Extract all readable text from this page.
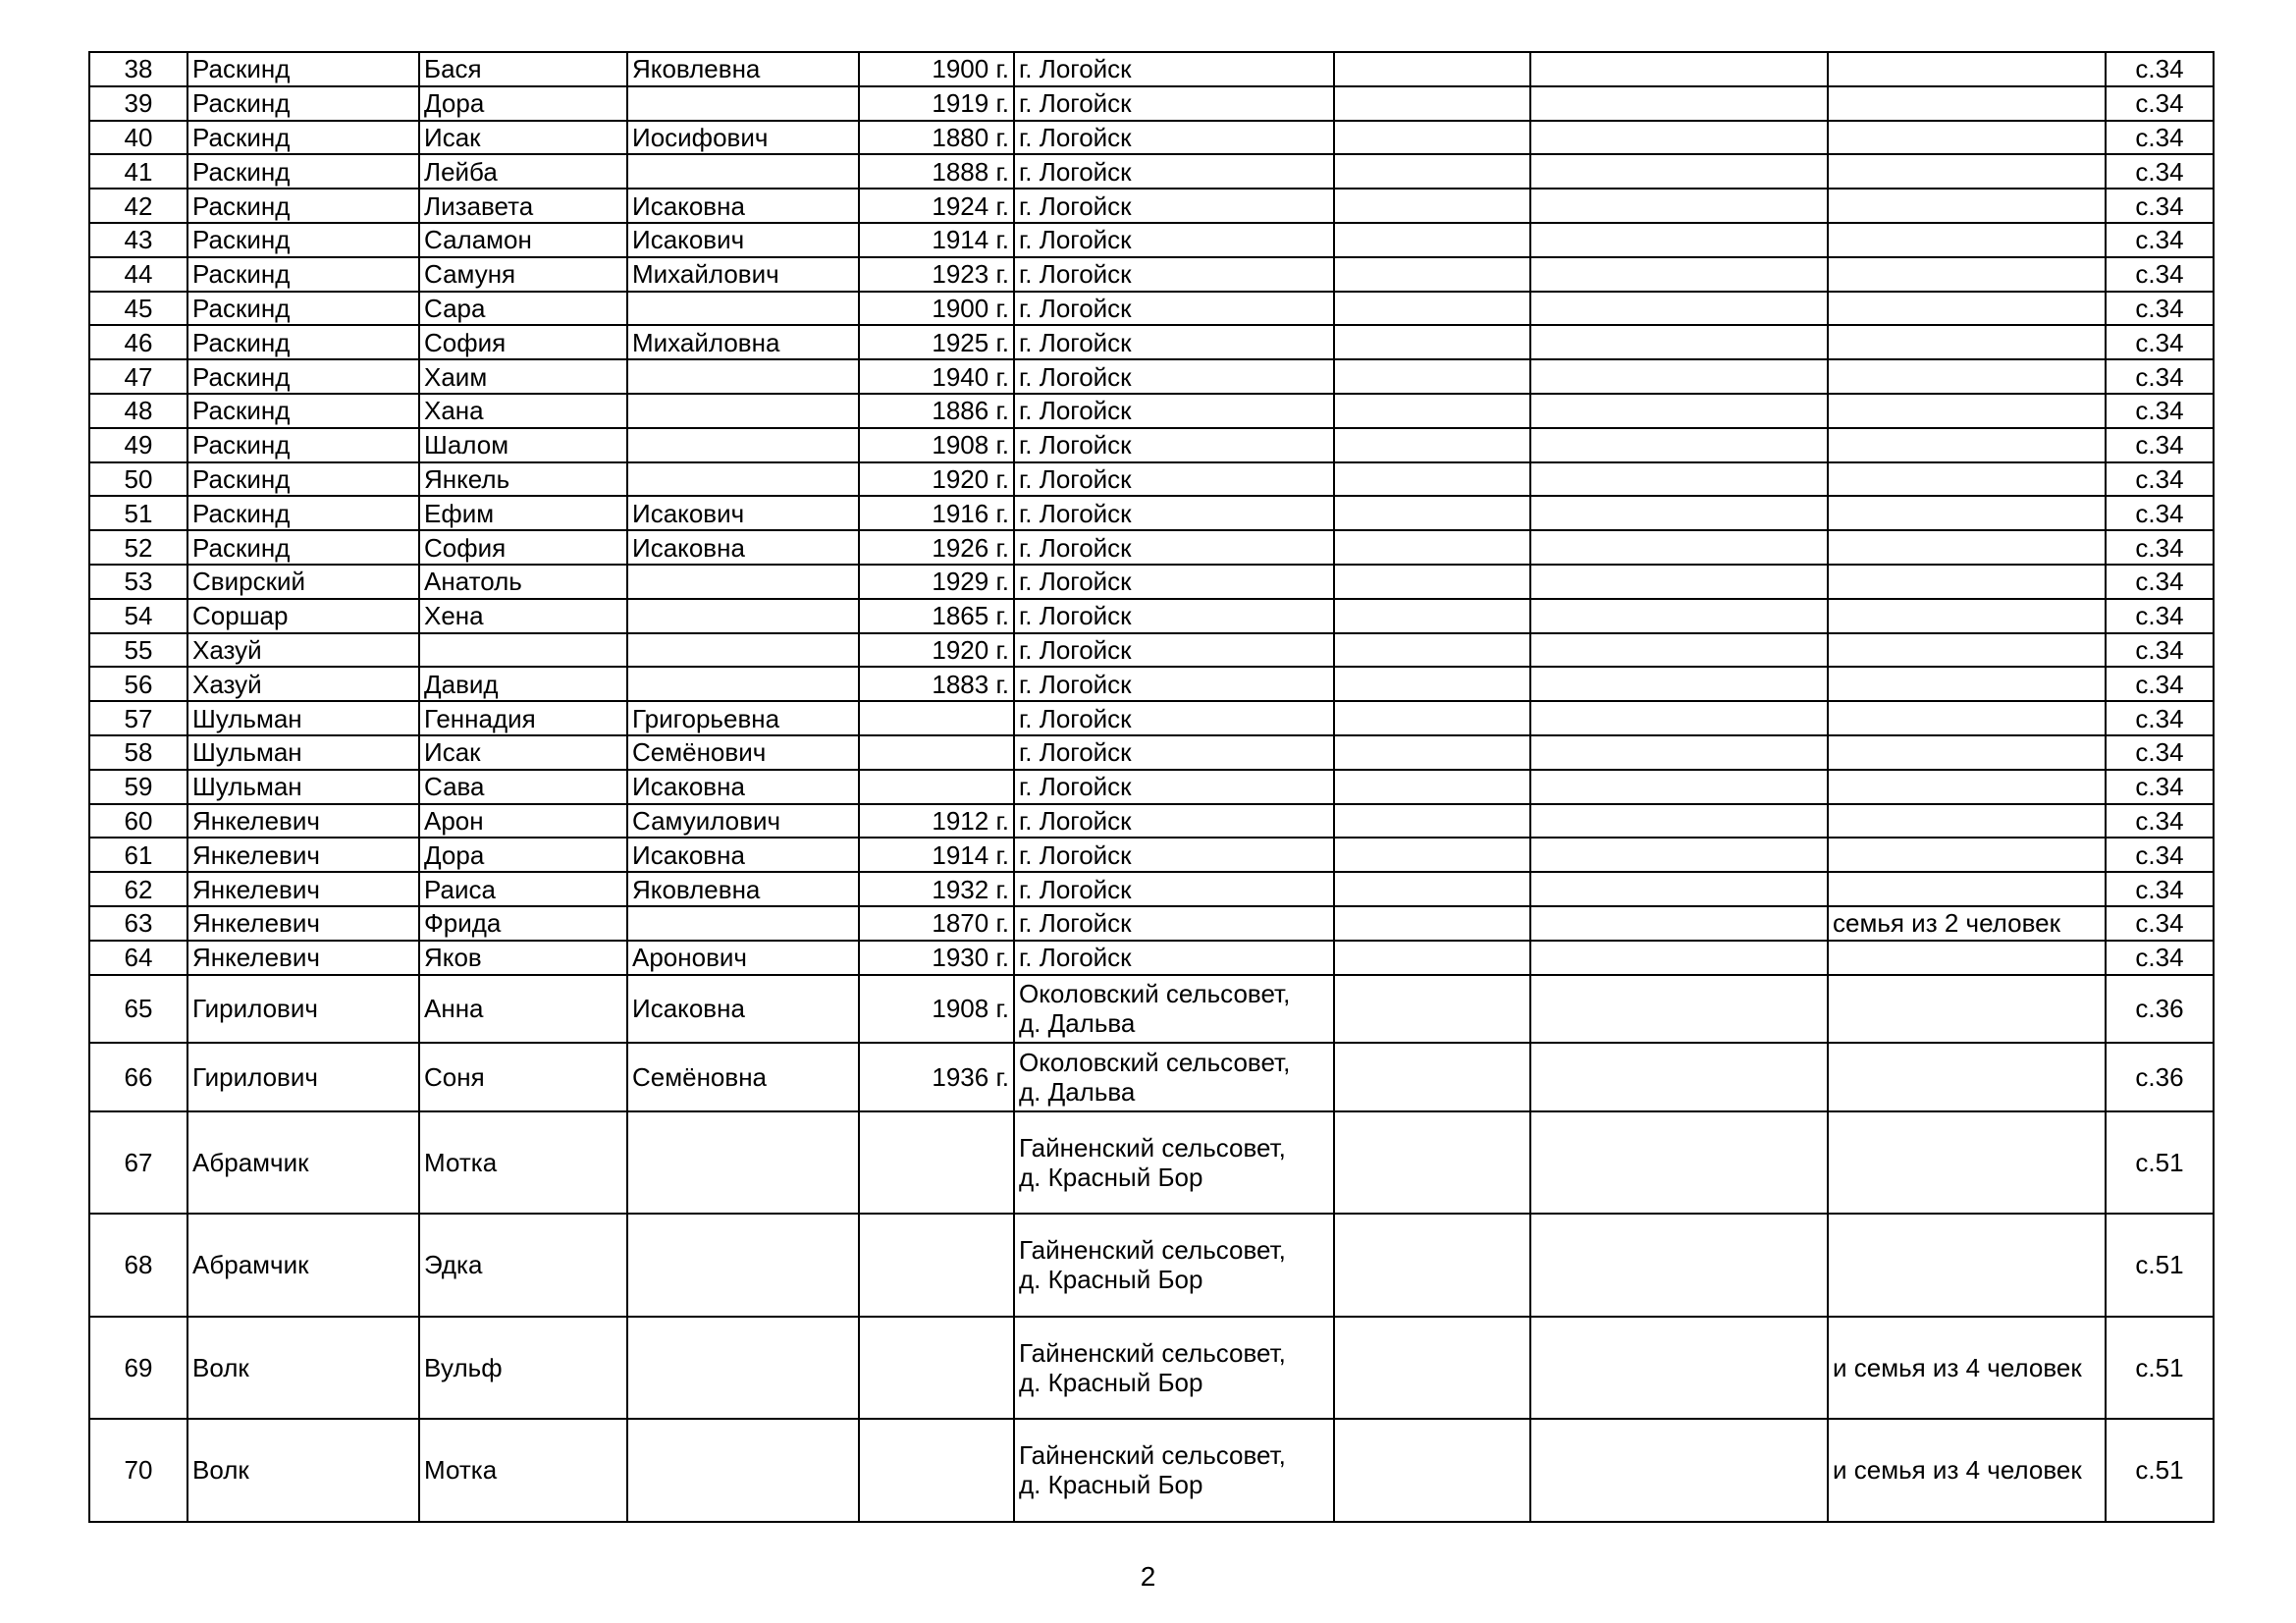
38	Раскинд	Бася	Яковлевна	1900 г.	г. Логойск				с.34
39	Раскинд	Дора		1919 г.	г. Логойск				с.34
40	Раскинд	Исак	Иосифович	1880 г.	г. Логойск				с.34
41	Раскинд	Лейба		1888 г.	г. Логойск				с.34
42	Раскинд	Лизавета	Исаковна	1924 г.	г. Логойск				с.34
43	Раскинд	Саламон	Исакович	1914 г.	г. Логойск				с.34
44	Раскинд	Самуня	Михайлович	1923 г.	г. Логойск				с.34
45	Раскинд	Сара		1900 г.	г. Логойск				с.34
46	Раскинд	София	Михайловна	1925 г.	г. Логойск				с.34
47	Раскинд	Хаим		1940 г.	г. Логойск				с.34
48	Раскинд	Хана		1886 г.	г. Логойск				с.34
49	Раскинд	Шалом		1908 г.	г. Логойск				с.34
50	Раскинд	Янкель		1920 г.	г. Логойск				с.34
51	Раскинд	Ефим	Исакович	1916 г.	г. Логойск				с.34
52	Раскинд	София	Исаковна	1926 г.	г. Логойск				с.34
53	Свирский	Анатоль		1929 г.	г. Логойск				с.34
54	Соршар	Хена		1865 г.	г. Логойск				с.34
55	Хазуй			1920 г.	г. Логойск				с.34
56	Хазуй	Давид		1883 г.	г. Логойск				с.34
57	Шульман	Геннадия	Григорьевна		г. Логойск				с.34
58	Шульман	Исак	Семёнович		г. Логойск				с.34
59	Шульман	Сава	Исаковна		г. Логойск				с.34
60	Янкелевич	Арон	Самуилович	1912 г.	г. Логойск				с.34
61	Янкелевич	Дора	Исаковна	1914 г.	г. Логойск				с.34
62	Янкелевич	Раиса	Яковлевна	1932 г.	г. Логойск				с.34
63	Янкелевич	Фрида		1870 г.	г. Логойск			семья из 2 человек	с.34
64	Янкелевич	Яков	Аронович	1930 г.	г. Логойск				с.34
65	Гирилович	Анна	Исаковна	1908 г.	Околовский сельсовет,
д. Дальва				с.36
66	Гирилович	Соня	Семёновна	1936 г.	Околовский сельсовет,
д. Дальва				с.36
67	Абрамчик	Мотка			Гайненский сельсовет,
д. Красный Бор				с.51
68	Абрамчик	Эдка			Гайненский сельсовет,
д. Красный Бор				с.51
69	Волк	Вульф			Гайненский сельсовет,
д. Красный Бор			и семья из 4 человек	с.51
70	Волк	Мотка			Гайненский сельсовет,
д. Красный Бор			и семья из 4 человек	с.51
2
